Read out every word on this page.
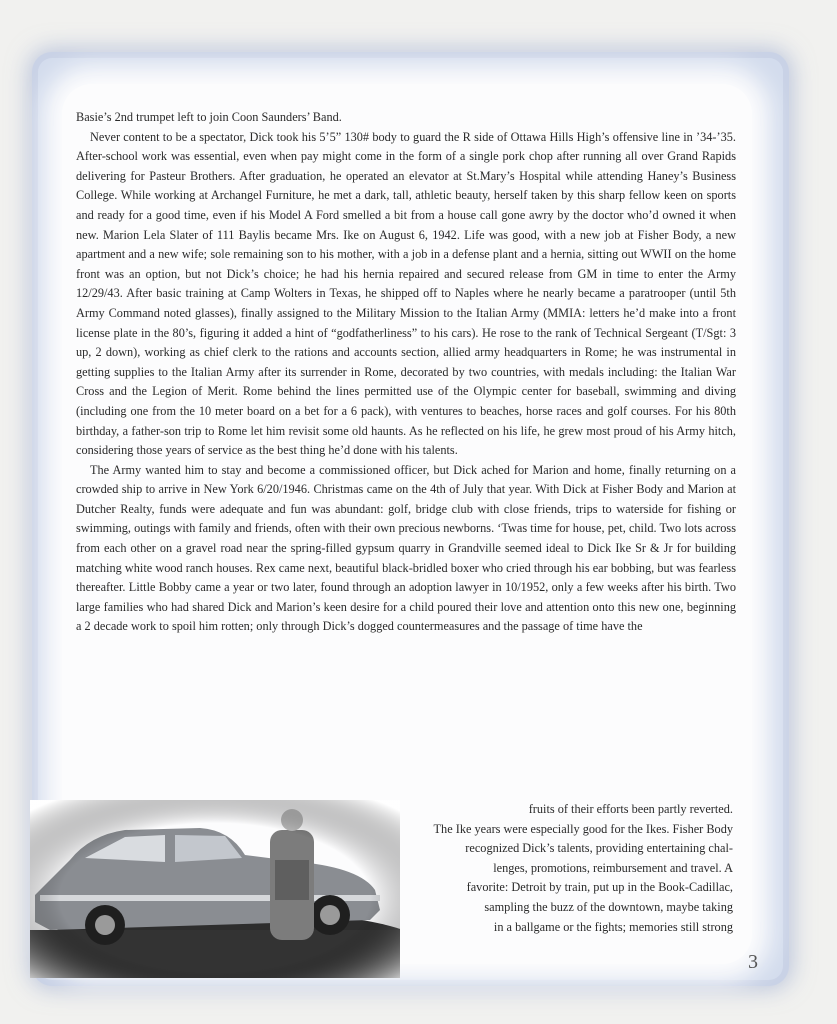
Basie’s 2nd trumpet left to join Coon Saunders’ Band.

Never content to be a spectator, Dick took his 5’5” 130# body to guard the R side of Ottawa Hills High’s offensive line in ’34-’35. After-school work was essential, even when pay might come in the form of a single pork chop after running all over Grand Rapids delivering for Pasteur Brothers. After graduation, he operated an elevator at St.Mary’s Hospital while attending Haney’s Business College. While working at Archangel Furniture, he met a dark, tall, athletic beauty, herself taken by this sharp fellow keen on sports and ready for a good time, even if his Model A Ford smelled a bit from a house call gone awry by the doctor who’d owned it when new. Marion Lela Slater of 111 Baylis became Mrs. Ike on August 6, 1942. Life was good, with a new job at Fisher Body, a new apartment and a new wife; sole remaining son to his mother, with a job in a defense plant and a hernia, sitting out WWII on the home front was an option, but not Dick’s choice; he had his hernia repaired and secured release from GM in time to enter the Army 12/29/43. After basic training at Camp Wolters in Texas, he shipped off to Naples where he nearly became a paratrooper (until 5th Army Command noted glasses), finally assigned to the Military Mission to the Italian Army (MMIA: letters he’d make into a front license plate in the 80’s, figuring it added a hint of “godfatherliness” to his cars). He rose to the rank of Technical Sergeant (T/Sgt: 3 up, 2 down), working as chief clerk to the rations and accounts section, allied army headquarters in Rome; he was instrumental in getting supplies to the Italian Army after its surrender in Rome, decorated by two countries, with medals including: the Italian War Cross and the Legion of Merit. Rome behind the lines permitted use of the Olympic center for baseball, swimming and diving (including one from the 10 meter board on a bet for a 6 pack), with ventures to beaches, horse races and golf courses. For his 80th birthday, a father-son trip to Rome let him revisit some old haunts. As he reflected on his life, he grew most proud of his Army hitch, considering those years of service as the best thing he’d done with his talents.

The Army wanted him to stay and become a commissioned officer, but Dick ached for Marion and home, finally returning on a crowded ship to arrive in New York 6/20/1946. Christmas came on the 4th of July that year. With Dick at Fisher Body and Marion at Dutcher Realty, funds were adequate and fun was abundant: golf, bridge club with close friends, trips to waterside for fishing or swimming, outings with family and friends, often with their own precious newborns. ‘Twas time for house, pet, child. Two lots across from each other on a gravel road near the spring-filled gypsum quarry in Grandville seemed ideal to Dick Ike Sr & Jr for building matching white wood ranch houses. Rex came next, beautiful black-bridled boxer who cried through his ear bobbing, but was fearless thereafter. Little Bobby came a year or two later, found through an adoption lawyer in 10/1952, only a few weeks after his birth. Two large families who had shared Dick and Marion’s keen desire for a child poured their love and attention onto this new one, beginning a 2 decade work to spoil him rotten; only through Dick’s dogged countermeasures and the passage of time have the

fruits of their efforts been partly reverted.
The Ike years were especially good for the Ikes. Fisher Body
recognized Dick’s talents, providing entertaining chal-
lenges, promotions, reimbursement and travel. A
favorite: Detroit by train, put up in the Book-Cadillac,
sampling the buzz of the downtown, maybe taking
in a ballgame or the fights; memories still strong
3
